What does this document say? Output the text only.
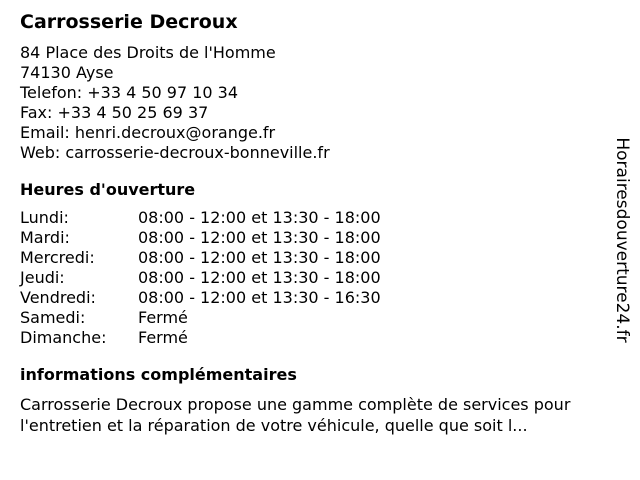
Carrosserie Decroux
84 Place des Droits de l'Homme
74130 Ayse
Telefon: +33 4 50 97 10 34
Fax: +33 4 50 25 69 37
Email: henri.decroux@orange.fr
Web: carrosserie-decroux-bonneville.fr
Heures d'ouverture
Lundi:	08:00 - 12:00 et 13:30 - 18:00
Mardi:	08:00 - 12:00 et 13:30 - 18:00
Mercredi:	08:00 - 12:00 et 13:30 - 18:00
Jeudi:	08:00 - 12:00 et 13:30 - 18:00
Vendredi:	08:00 - 12:00 et 13:30 - 16:30
Samedi:	Fermé
Dimanche:	Fermé
informations complémentaires
Carrosserie Decroux propose une gamme complète de services pour l'entretien et la réparation de votre véhicule, quelle que soit l...
Horairesdouverture24.fr
